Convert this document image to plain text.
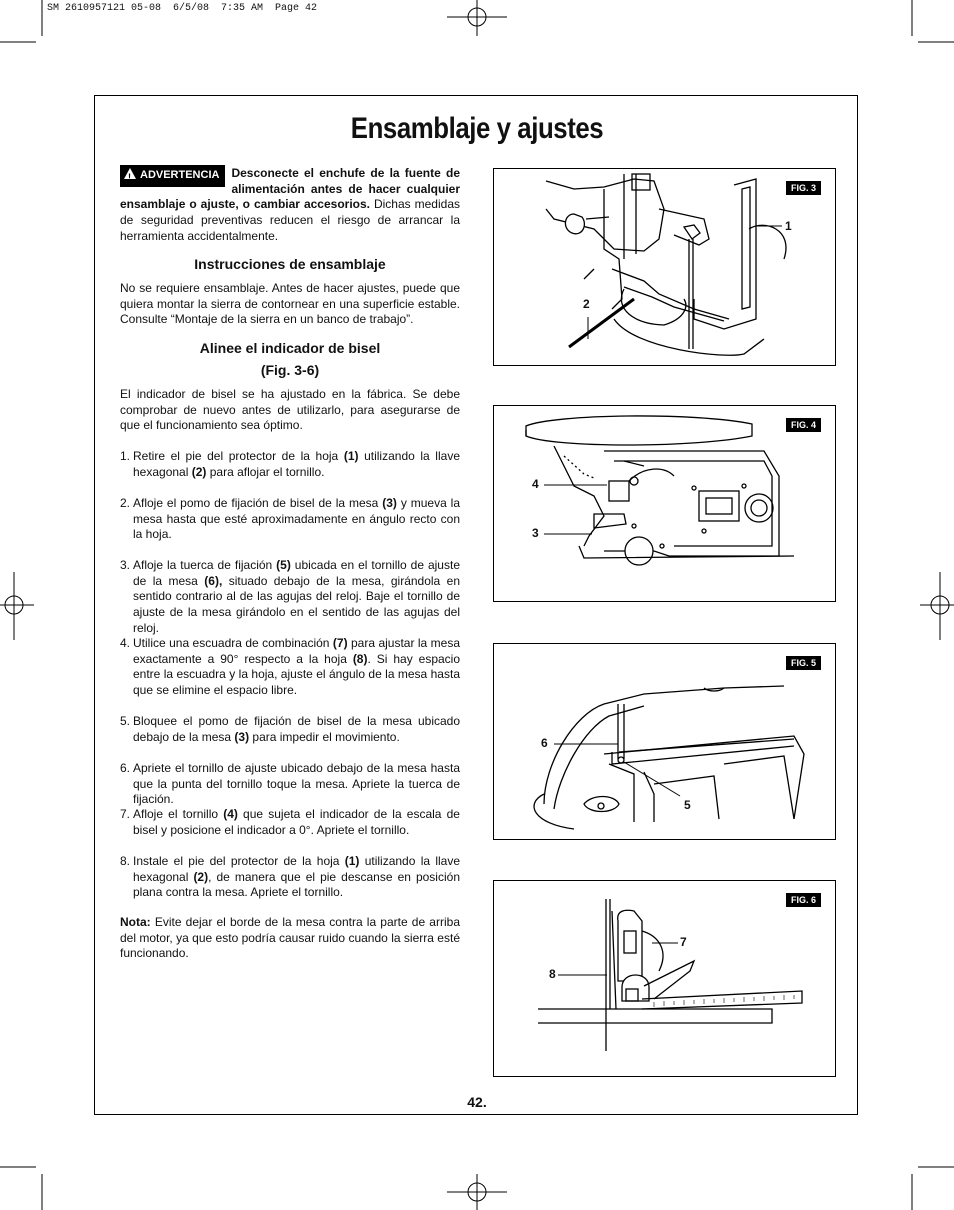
SM 2610957121 05-08  6/5/08  7:35 AM  Page 42
Ensamblaje y ajustes
! ADVERTENCIA	Desconecte el enchufe de la fuente de alimentación antes de hacer cualquier ensamblaje o ajuste, o cambiar accesorios. Dichas medidas de seguridad preventivas reducen el riesgo de arrancar la herramienta accidentalmente.
Instrucciones de ensamblaje
No se requiere ensamblaje. Antes de hacer ajustes, puede que quiera montar la sierra de contornear en una superficie estable. Consulte “Montaje de la sierra en un banco de trabajo”.
Alinee el indicador de bisel
(Fig. 3-6)
El indicador de bisel se ha ajustado en la fábrica. Se debe comprobar de nuevo antes de utilizarlo, para asegurarse de que el funcionamiento sea óptimo.
1. Retire el pie del protector de la hoja (1) utilizando la llave hexagonal (2) para aflojar el tornillo.
2. Afloje el pomo de fijación de bisel de la mesa (3) y mueva la mesa hasta que esté aproximadamente en ángulo recto con la hoja.
3. Afloje la tuerca de fijación (5) ubicada en el tornillo de ajuste de la mesa (6), situado debajo de la mesa, girándola en sentido contrario al de las agujas del reloj. Baje el tornillo de ajuste de la mesa girándolo en el sentido de las agujas del reloj.
4. Utilice una escuadra de combinación (7) para ajustar la mesa exactamente a 90° respecto a la hoja (8). Si hay espacio entre la escuadra y la hoja, ajuste el ángulo de la mesa hasta que se elimine el espacio libre.
5. Bloquee el pomo de fijación de bisel de la mesa ubicado debajo de la mesa (3) para impedir el movimiento.
6. Apriete el tornillo de ajuste ubicado debajo de la mesa hasta que la punta del tornillo toque la mesa. Apriete la tuerca de fijación.
7. Afloje el tornillo (4) que sujeta el indicador de la escala de bisel y posicione el indicador a 0°. Apriete el tornillo.
8. Instale el pie del protector de la hoja (1) utilizando la llave hexagonal (2), de manera que el pie descanse en posición plana contra la mesa. Apriete el tornillo.
Nota: Evite dejar el borde de la mesa contra la parte de arriba del motor, ya que esto podría causar ruido cuando la sierra esté funcionando.
FIG. 3
1
2
FIG. 4
4
3
FIG. 5
6
5
FIG. 6
7
8
42.
